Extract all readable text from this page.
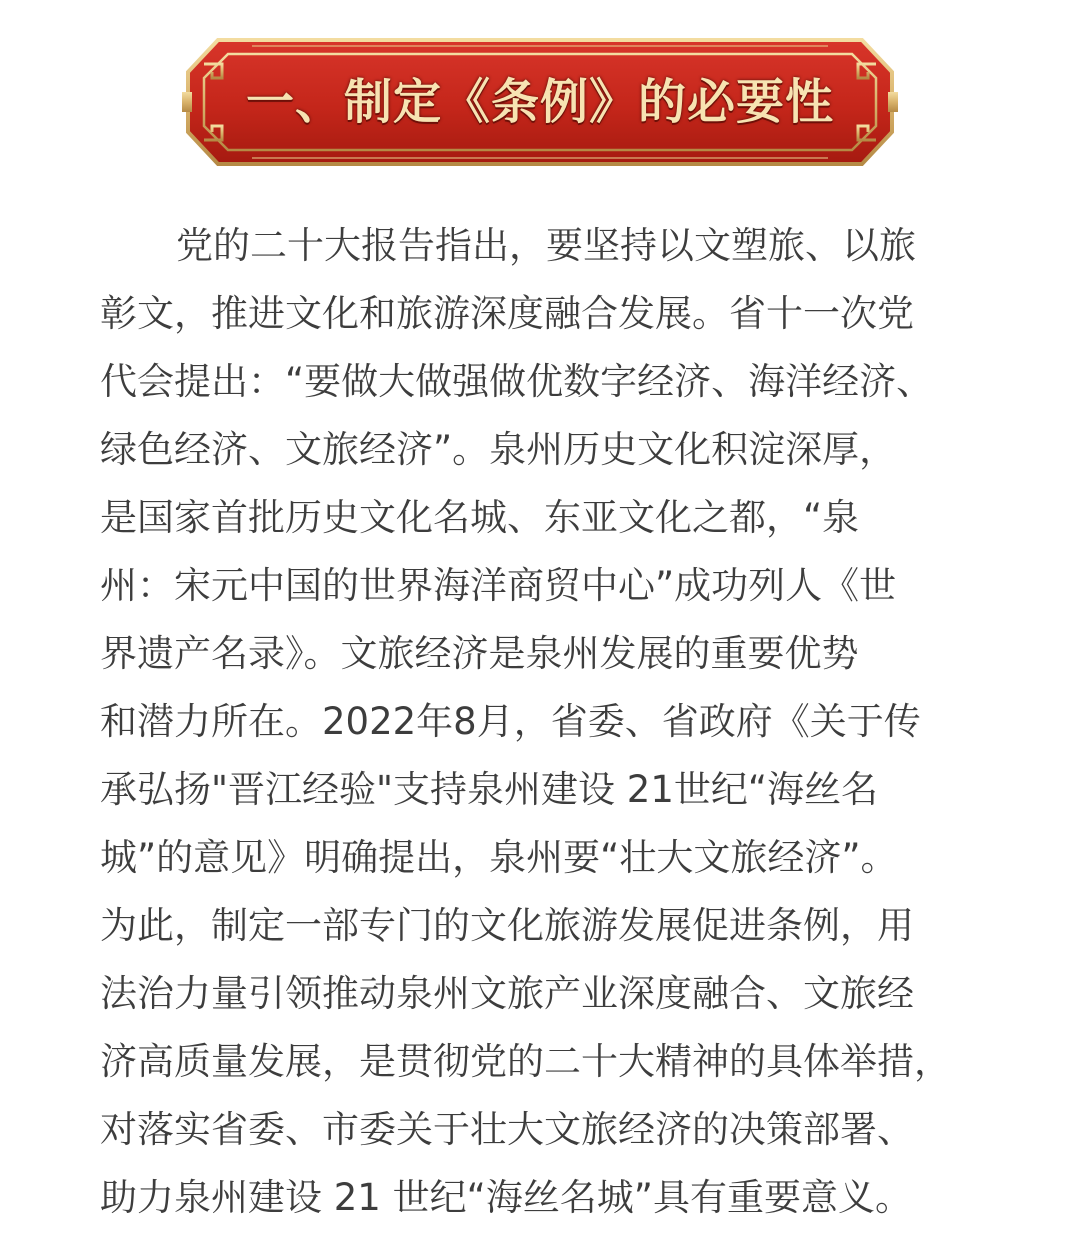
一、制定《条例》的必要性
党的二十大报告指出，要坚持以文塑旅、以旅
彰文，推进文化和旅游深度融合发展。省十一次党
代会提出：“要做大做强做优数字经济、海洋经济、
绿色经济、文旅经济”。泉州历史文化积淀深厚，
是国家首批历史文化名城、东亚文化之都，“泉
州：宋元中国的世界海洋商贸中心”成功列人《世
界遗产名录》。文旅经济是泉州发展的重要优势
和潜力所在。2022年8月，省委、省政府《关于传
承弘扬"晋江经验"支持泉州建设 21世纪“海丝名
城”的意见》明确提出，泉州要“壮大文旅经济”。
为此，制定一部专门的文化旅游发展促进条例，用
法治力量引领推动泉州文旅产业深度融合、文旅经
济高质量发展，是贯彻党的二十大精神的具体举措，
对落实省委、市委关于壮大文旅经济的决策部署、
助力泉州建设 21 世纪“海丝名城”具有重要意义。
